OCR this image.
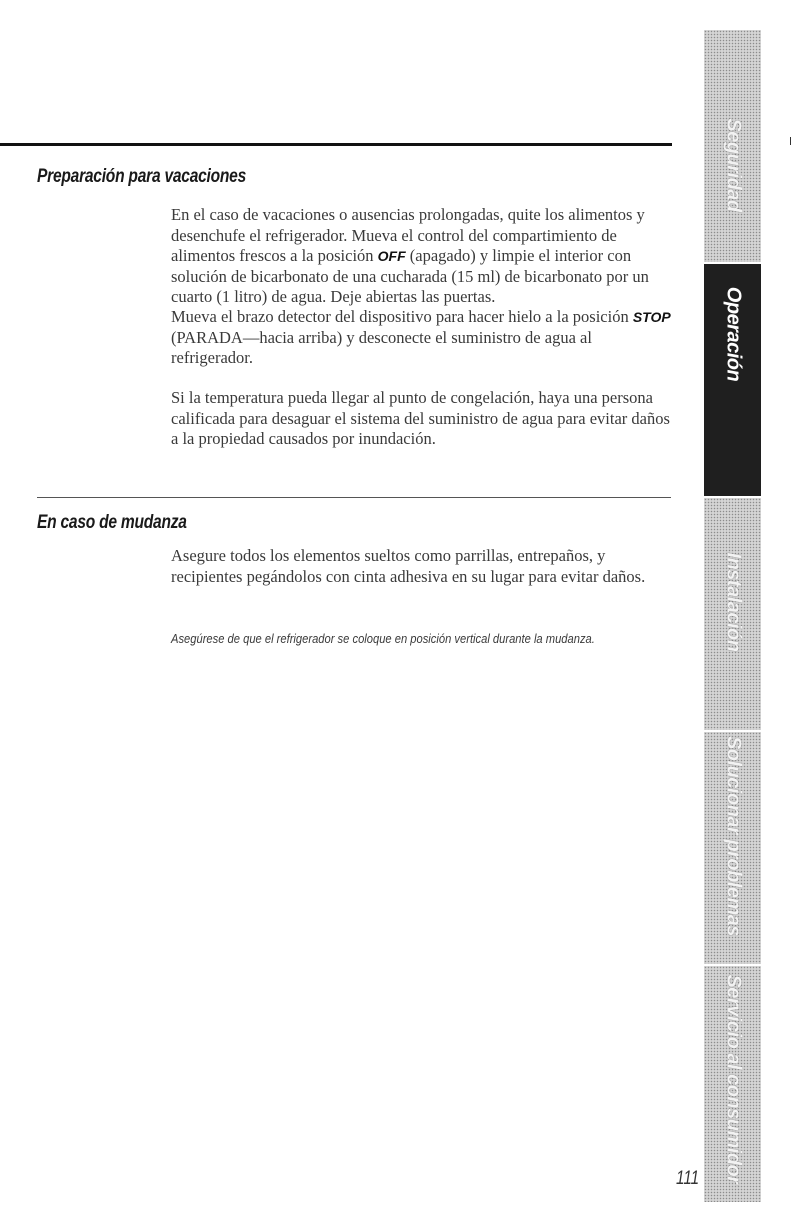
Preparación para vacaciones

En el caso de vacaciones o ausencias prolongadas, quite los alimentos y desenchufe el refrigerador. Mueva el control del compartimiento de alimentos frescos a la posición OFF (apagado) y limpie el interior con solución de bicarbonato de una cucharada (15 ml) de bicarbonato por un cuarto (1 litro) de agua. Deje abiertas las puertas.

Mueva el brazo detector del dispositivo para hacer hielo a la posición STOP (PARADA—hacia arriba) y desconecte el suministro de agua al refrigerador.

Si la temperatura pueda llegar al punto de congelación, haya una persona calificada para desaguar el sistema del suministro de agua para evitar daños a la propiedad causados por inundación.

En caso de mudanza

Asegure todos los elementos sueltos como parrillas, entrepaños, y recipientes pegándolos con cinta adhesiva en su lugar para evitar daños.

Asegúrese de que el refrigerador se coloque en posición vertical durante la mudanza.

111
Seguridad
Operación
Instalación
Solucionar problemas
Servicio al consumidor
